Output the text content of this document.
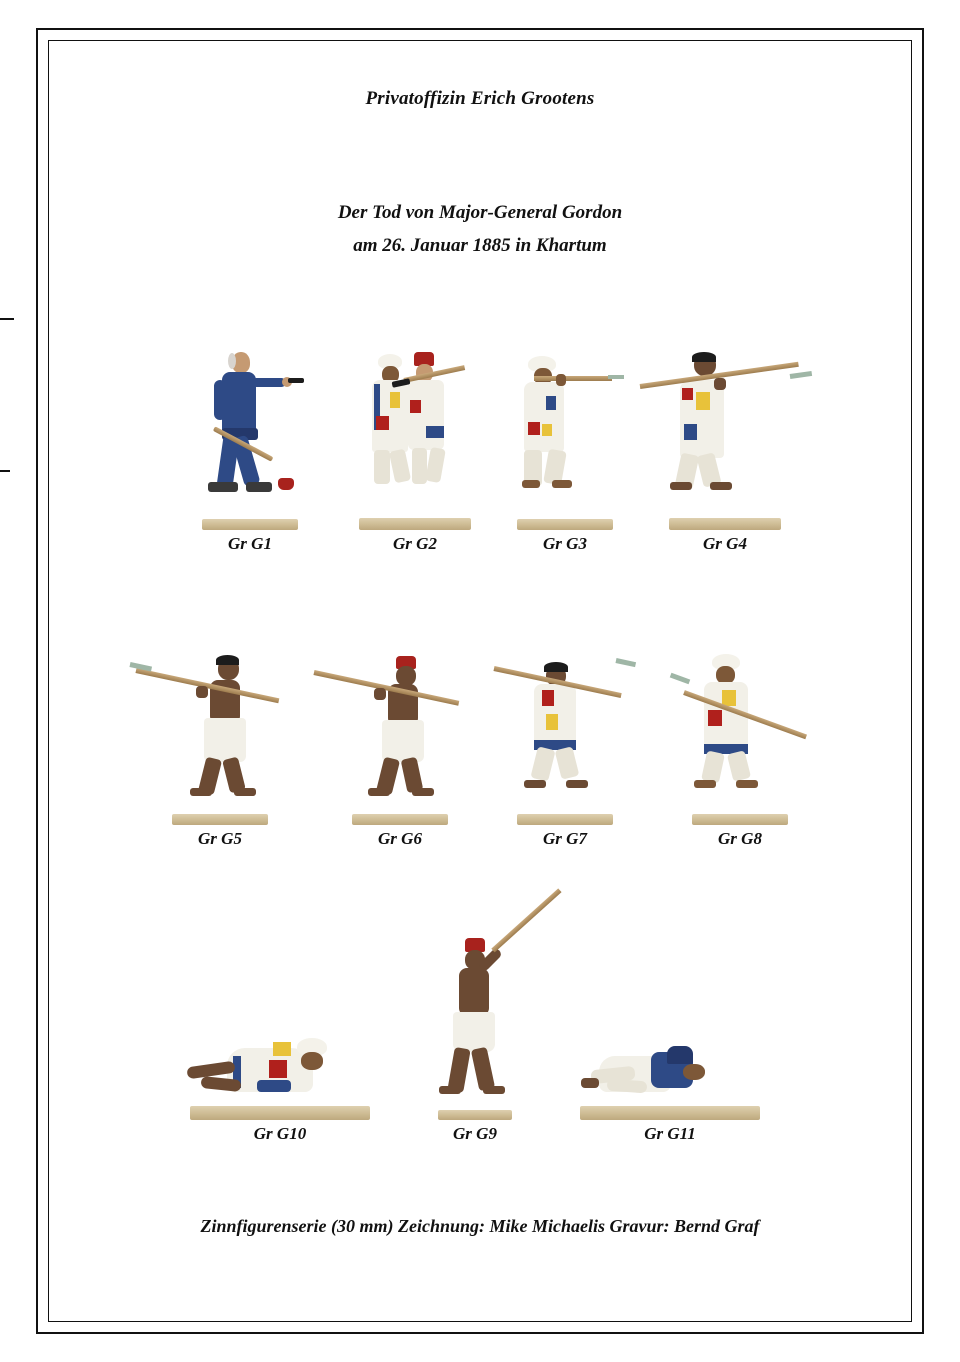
Privatoffizin Erich Grootens
Der Tod von Major-General Gordon
am 26. Januar 1885 in Khartum
Gr G1	Gr G2	Gr G3	Gr G4
Gr G5	Gr G6	Gr G7	Gr G8
Gr G10	Gr G9	Gr G11
Zinnfigurenserie (30 mm) Zeichnung: Mike Michaelis Gravur: Bernd Graf
